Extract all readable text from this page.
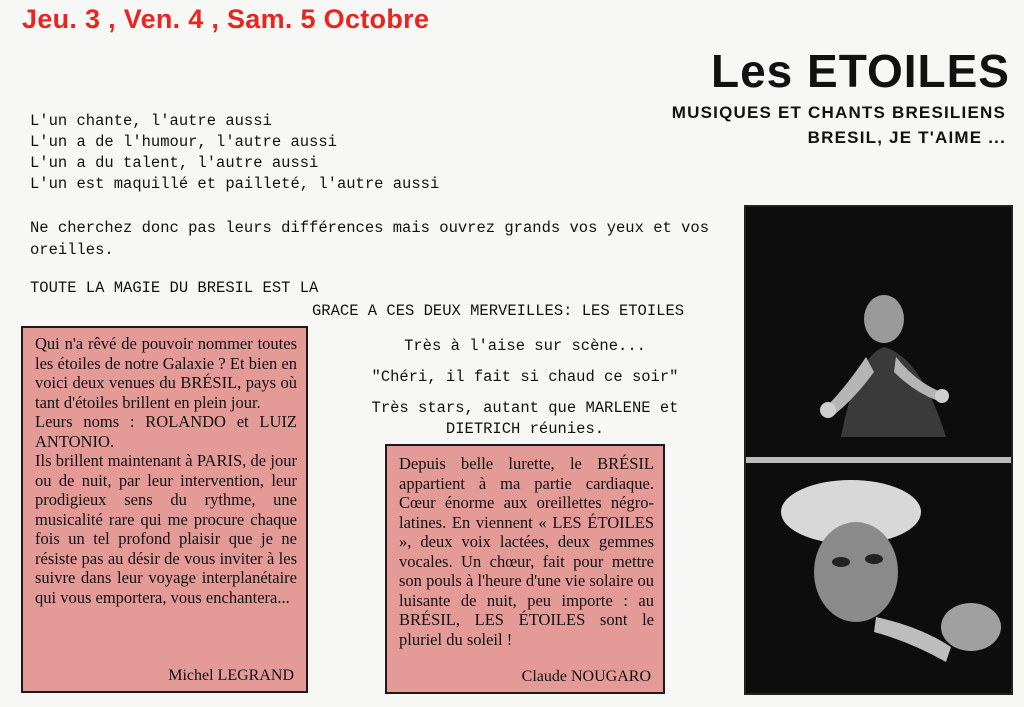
Jeu. 3 , Ven. 4 , Sam. 5 Octobre
Les ETOILES
MUSIQUES ET CHANTS BRESILIENS
BRESIL, JE T'AIME ...
L'un chante, l'autre aussi
L'un a de l'humour, l'autre aussi
L'un a du talent, l'autre aussi
L'un est maquillé et pailleté, l'autre aussi
Ne cherchez donc pas leurs différences mais ouvrez grands vos yeux et vos oreilles.
TOUTE LA MAGIE DU BRESIL EST LA
GRACE A CES DEUX MERVEILLES: LES ETOILES
Très à l'aise sur scène...
"Chéri, il fait si chaud ce soir"
Très stars, autant que MARLENE et
DIETRICH réunies.

Qui n'a rêvé de pouvoir nommer toutes les étoiles de notre Galaxie ? Et bien en voici deux venues du BRÉSIL, pays où tant d'étoiles brillent en plein jour.

Leurs noms : ROLANDO et LUIZ ANTONIO.

Ils brillent maintenant à PARIS, de jour ou de nuit, par leur intervention, leur prodigieux sens du rythme, une musicalité rare qui me procure chaque fois un tel profond plaisir que je ne résiste pas au désir de vous inviter à les suivre dans leur voyage interplanétaire qui vous emportera, vous enchantera...

Michel LEGRAND

Depuis belle lurette, le BRÉSIL appartient à ma partie cardiaque. Cœur énorme aux oreillettes négro-latines. En viennent « LES ÉTOILES », deux voix lactées, deux gemmes vocales. Un chœur, fait pour mettre son pouls à l'heure d'une vie solaire ou luisante de nuit, peu importe : au BRÉSIL, LES ÉTOILES sont le pluriel du soleil !

Claude NOUGARO
